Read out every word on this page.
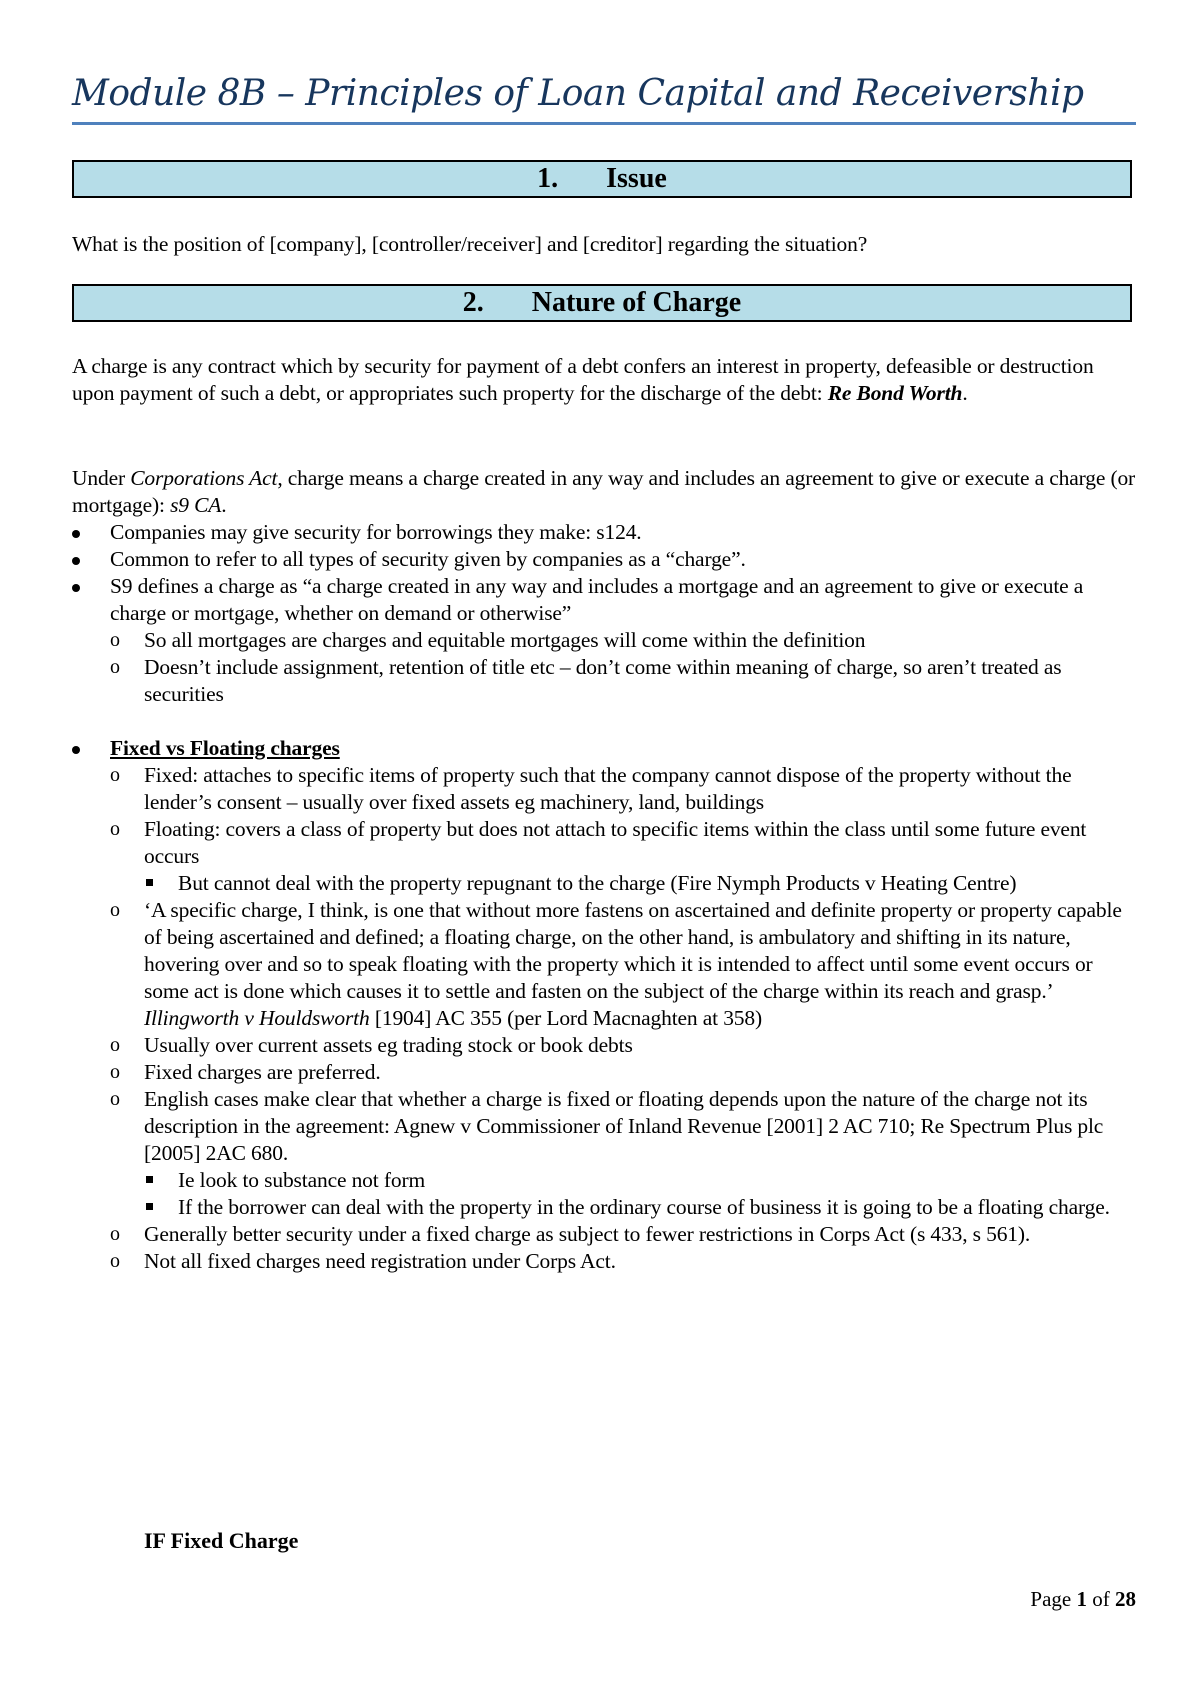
Module 8B – Principles of Loan Capital and Receivership
1. Issue
What is the position of [company], [controller/receiver] and [creditor] regarding the situation?
2. Nature of Charge
A charge is any contract which by security for payment of a debt confers an interest in property, defeasible or destruction upon payment of such a debt, or appropriates such property for the discharge of the debt: Re Bond Worth.
Under Corporations Act, charge means a charge created in any way and includes an agreement to give or execute a charge (or mortgage): s9 CA.
Companies may give security for borrowings they make: s124.
Common to refer to all types of security given by companies as a “charge”.
S9 defines a charge as “a charge created in any way and includes a mortgage and an agreement to give or execute a charge or mortgage, whether on demand or otherwise”
o So all mortgages are charges and equitable mortgages will come within the definition
o Doesn’t include assignment, retention of title etc – don’t come within meaning of charge, so aren’t treated as securities
Fixed vs Floating charges
o Fixed: attaches to specific items of property such that the company cannot dispose of the property without the lender’s consent – usually over fixed assets eg machinery, land, buildings
o Floating: covers a class of property but does not attach to specific items within the class until some future event occurs
But cannot deal with the property repugnant to the charge (Fire Nymph Products v Heating Centre)
o ‘A specific charge, I think, is one that without more fastens on ascertained and definite property or property capable of being ascertained and defined; a floating charge, on the other hand, is ambulatory and shifting in its nature, hovering over and so to speak floating with the property which it is intended to affect until some event occurs or some act is done which causes it to settle and fasten on the subject of the charge within its reach and grasp.’ Illingworth v Houldsworth [1904] AC 355 (per Lord Macnaghten at 358)
o Usually over current assets eg trading stock or book debts
o Fixed charges are preferred.
o English cases make clear that whether a charge is fixed or floating depends upon the nature of the charge not its description in the agreement: Agnew v Commissioner of Inland Revenue [2001] 2 AC 710; Re Spectrum Plus plc [2005] 2AC 680.
Ie look to substance not form
If the borrower can deal with the property in the ordinary course of business it is going to be a floating charge.
o Generally better security under a fixed charge as subject to fewer restrictions in Corps Act (s 433, s 561).
o Not all fixed charges need registration under Corps Act.
IF Fixed Charge
Page 1 of 28
